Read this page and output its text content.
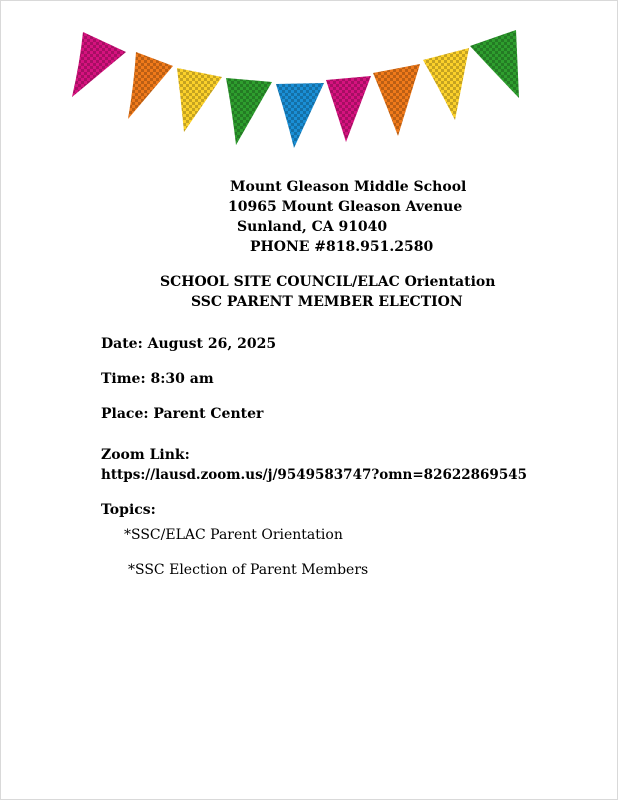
Mount Gleason Middle School

10965 Mount Gleason Avenue

Sunland, CA 91040

PHONE #818.951.2580

SCHOOL SITE COUNCIL/ELAC Orientation

SSC PARENT MEMBER ELECTION

Date: August 26, 2025

Time: 8:30 am

Place: Parent Center

Zoom Link:

https://lausd.zoom.us/j/9549583747?omn=82622869545

Topics:

*SSC/ELAC Parent Orientation

*SSC Election of Parent Members
